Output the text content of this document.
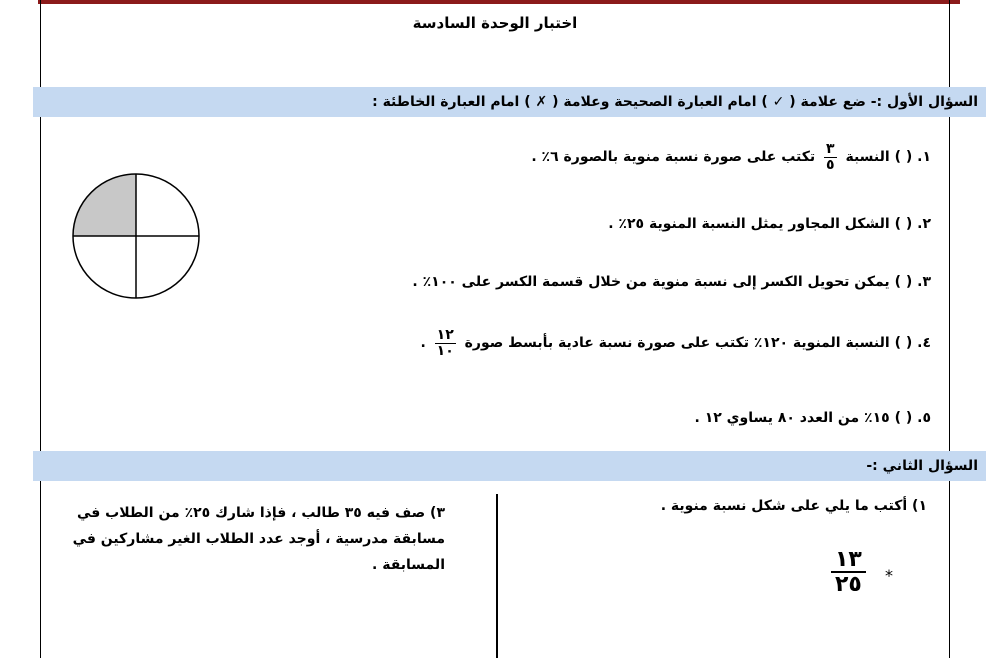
اختبار الوحدة السادسة
السؤال الأول :- ضع علامة ( ✓ ) امام العبارة الصحيحة وعلامة ( ✗ ) امام العبارة الخاطئة :
١. ( ) النسبة
$\frac{٣}{٥}$
تكتب على صورة نسبة منوية بالصورة ٦٪ .
٢. ( ) الشكل المجاور يمثل النسبة المنوية ٢٥٪ .
٣. ( ) يمكن تحويل الكسر إلى نسبة منوية من خلال قسمة الكسر على ١٠٠٪ .
٤. ( ) النسبة المنوية ١٢٠٪ تكتب على صورة نسبة عادية بأبسط صورة
$\frac{١٢}{١٠}$
.
٥. ( ) ١٥٪ من العدد ٨٠ يساوي ١٢ .
السؤال الثاني :-
١) أكتب ما يلي على شكل نسبة منوية .
١٣
٢٥ *
٣) صف فيه ٣٥ طالب ، فإذا شارك ٢٥٪ من الطلاب في مسابقة مدرسية ، أوجد عدد الطلاب الغير مشاركين في المسابقة .
